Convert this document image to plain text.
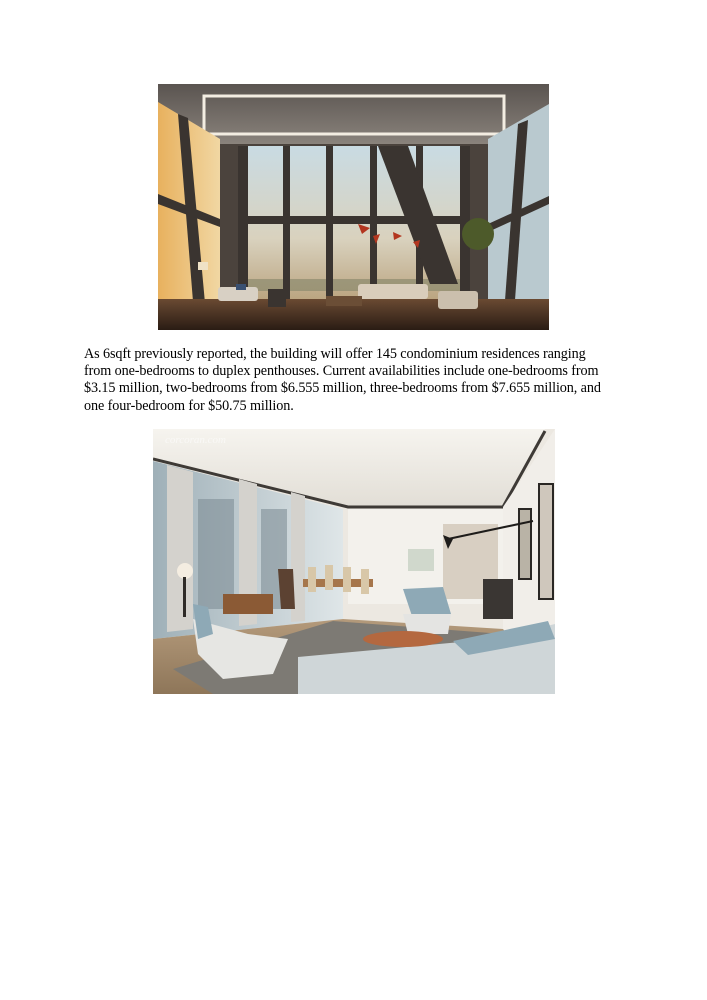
As 6sqft previously reported, the building will offer 145 condominium residences ranging
from one-bedrooms to duplex penthouses. Current availabilities include one-bedrooms from
$3.15 million, two-bedrooms from $6.555 million, three-bedrooms from $7.655 million, and
one four-bedroom for $50.75 million.
corcoran.com
